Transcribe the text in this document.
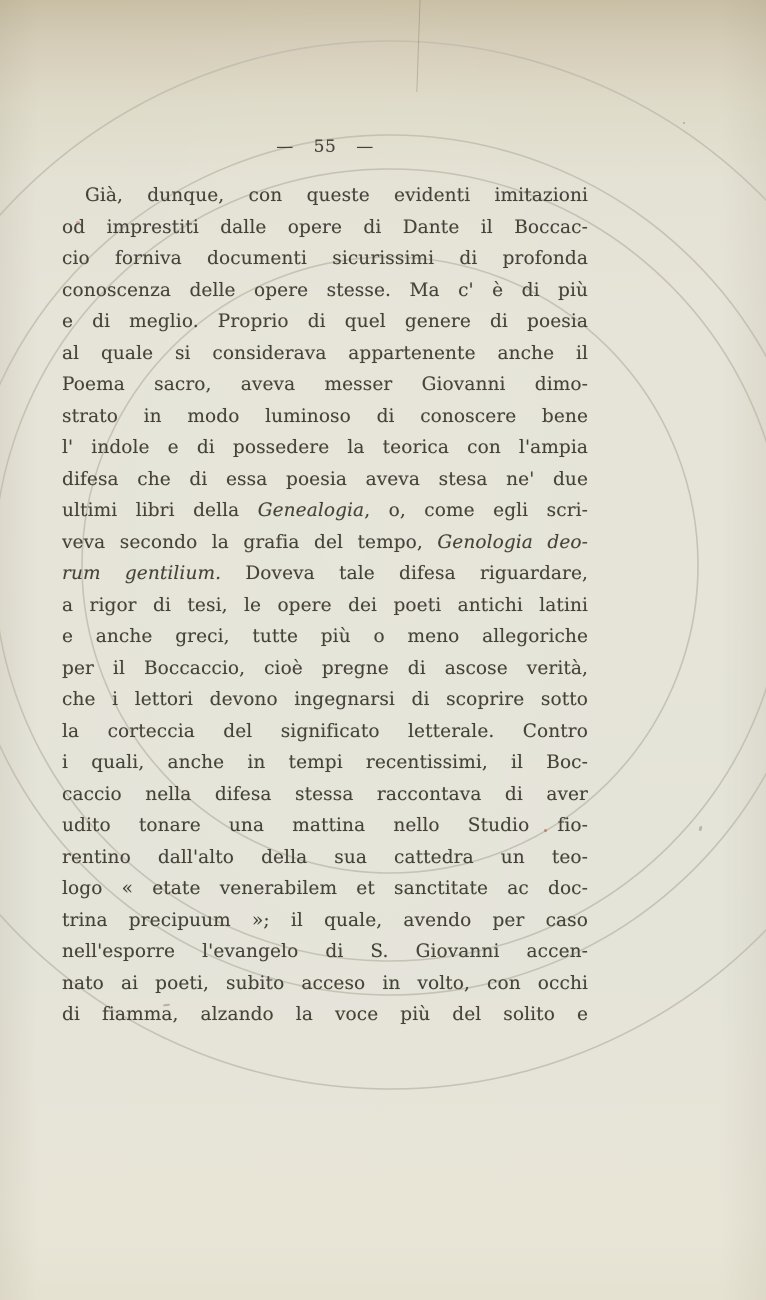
— 55 —
Già, dunque, con queste evidenti imitazioni
od imprestiti dalle opere di Dante il Boccac-
cio forniva documenti sicurissimi di profonda
conoscenza delle opere stesse. Ma c' è di più
e di meglio. Proprio di quel genere di poesia
al quale si considerava appartenente anche il
Poema sacro, aveva messer Giovanni dimo-
strato in modo luminoso di conoscere bene
l' indole e di possedere la teorica con l'ampia
difesa che di essa poesia aveva stesa ne' due
ultimi libri della Genealogia, o, come egli scri-
veva secondo la grafia del tempo, Genologia deo-
rum gentilium. Doveva tale difesa riguardare,
a rigor di tesi, le opere dei poeti antichi latini
e anche greci, tutte più o meno allegoriche
per il Boccaccio, cioè pregne di ascose verità,
che i lettori devono ingegnarsi di scoprire sotto
la corteccia del significato letterale. Contro
i quali, anche in tempi recentissimi, il Boc-
caccio nella difesa stessa raccontava di aver
udito tonare una mattina nello Studio fio-
rentino dall'alto della sua cattedra un teo-
logo « etate venerabilem et sanctitate ac doc-
trina precipuum »; il quale, avendo per caso
nell'esporre l'evangelo di S. Giovanni accen-
nato ai poeti, subito acceso in volto, con occhi
di fiamma, alzando la voce più del solito e
